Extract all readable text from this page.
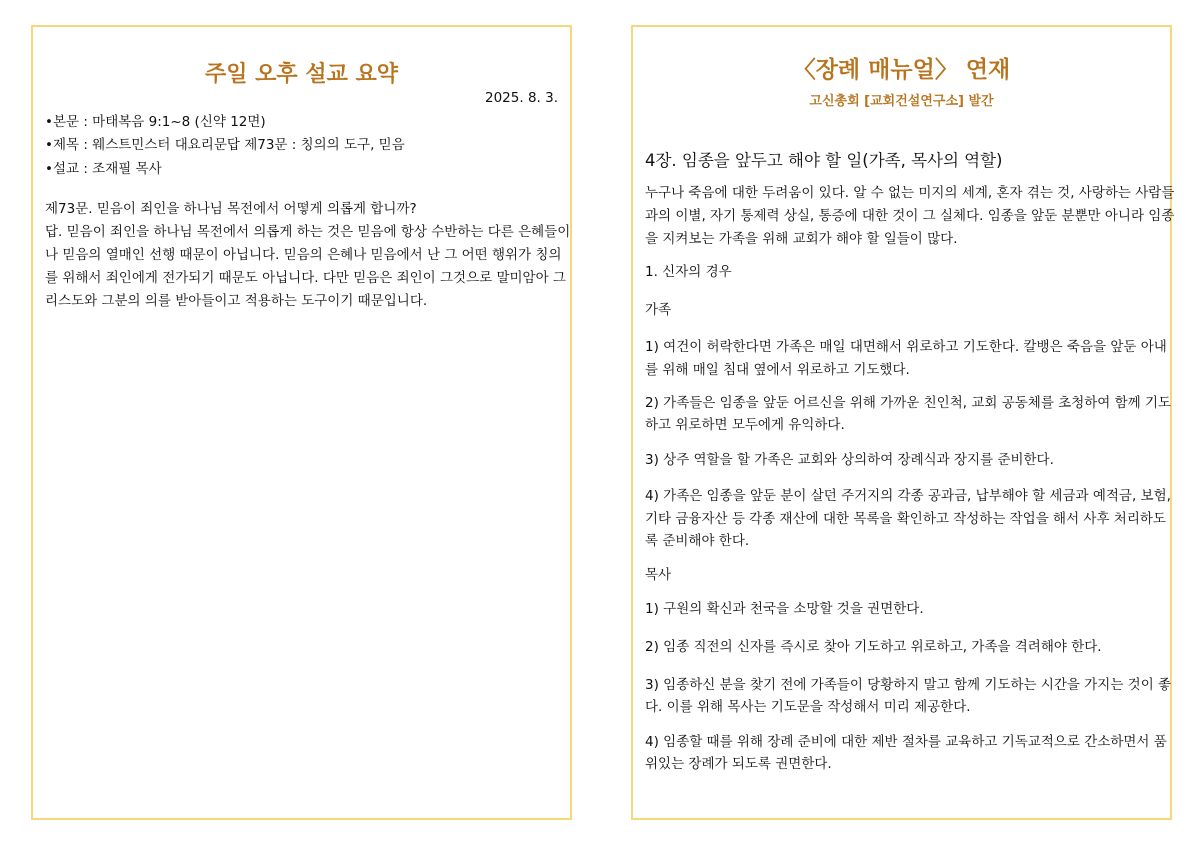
주일 오후 설교 요약
2025. 8. 3.
•본문 : 마태복음 9:1~8 (신약 12면)
•제목 : 웨스트민스터 대요리문답 제73문 : 칭의의 도구, 믿음
•설교 : 조재필 목사
제73문. 믿음이 죄인을 하나님 목전에서 어떻게 의롭게 합니까?
답. 믿음이 죄인을 하나님 목전에서 의롭게 하는 것은 믿음에 항상 수반하는 다른 은혜들이
나 믿음의 열매인 선행 때문이 아닙니다. 믿음의 은혜나 믿음에서 난 그 어떤 행위가 칭의
를 위해서 죄인에게 전가되기 때문도 아닙니다. 다만 믿음은 죄인이 그것으로 말미암아 그
리스도와 그분의 의를 받아들이고 적용하는 도구이기 때문입니다.
〈장례 매뉴얼〉 연재
고신총회 [교회건설연구소] 발간
4장. 임종을 앞두고 해야 할 일(가족, 목사의 역할)
누구나 죽음에 대한 두려움이 있다. 알 수 없는 미지의 세계, 혼자 겪는 것, 사랑하는 사람들
과의 이별, 자기 통제력 상실, 통증에 대한 것이 그 실체다. 임종을 앞둔 분뿐만 아니라 임종
을 지켜보는 가족을 위해 교회가 해야 할 일들이 많다.
1. 신자의 경우
가족
1) 여건이 허락한다면 가족은 매일 대면해서 위로하고 기도한다. 칼뱅은 죽음을 앞둔 아내
를 위해 매일 침대 옆에서 위로하고 기도했다.
2) 가족들은 임종을 앞둔 어르신을 위해 가까운 친인척, 교회 공동체를 초청하여 함께 기도
하고 위로하면 모두에게 유익하다.
3) 상주 역할을 할 가족은 교회와 상의하여 장례식과 장지를 준비한다.
4) 가족은 임종을 앞둔 분이 살던 주거지의 각종 공과금, 납부해야 할 세금과 예적금, 보험,
기타 금융자산 등 각종 재산에 대한 목록을 확인하고 작성하는 작업을 해서 사후 처리하도
록 준비해야 한다.
목사
1) 구원의 확신과 천국을 소망할 것을 권면한다.
2) 임종 직전의 신자를 즉시로 찾아 기도하고 위로하고, 가족을 격려해야 한다.
3) 임종하신 분을 찾기 전에 가족들이 당황하지 말고 함께 기도하는 시간을 가지는 것이 좋
다. 이를 위해 목사는 기도문을 작성해서 미리 제공한다.
4) 임종할 때를 위해 장례 준비에 대한 제반 절차를 교육하고 기독교적으로 간소하면서 품
위있는 장례가 되도록 권면한다.
